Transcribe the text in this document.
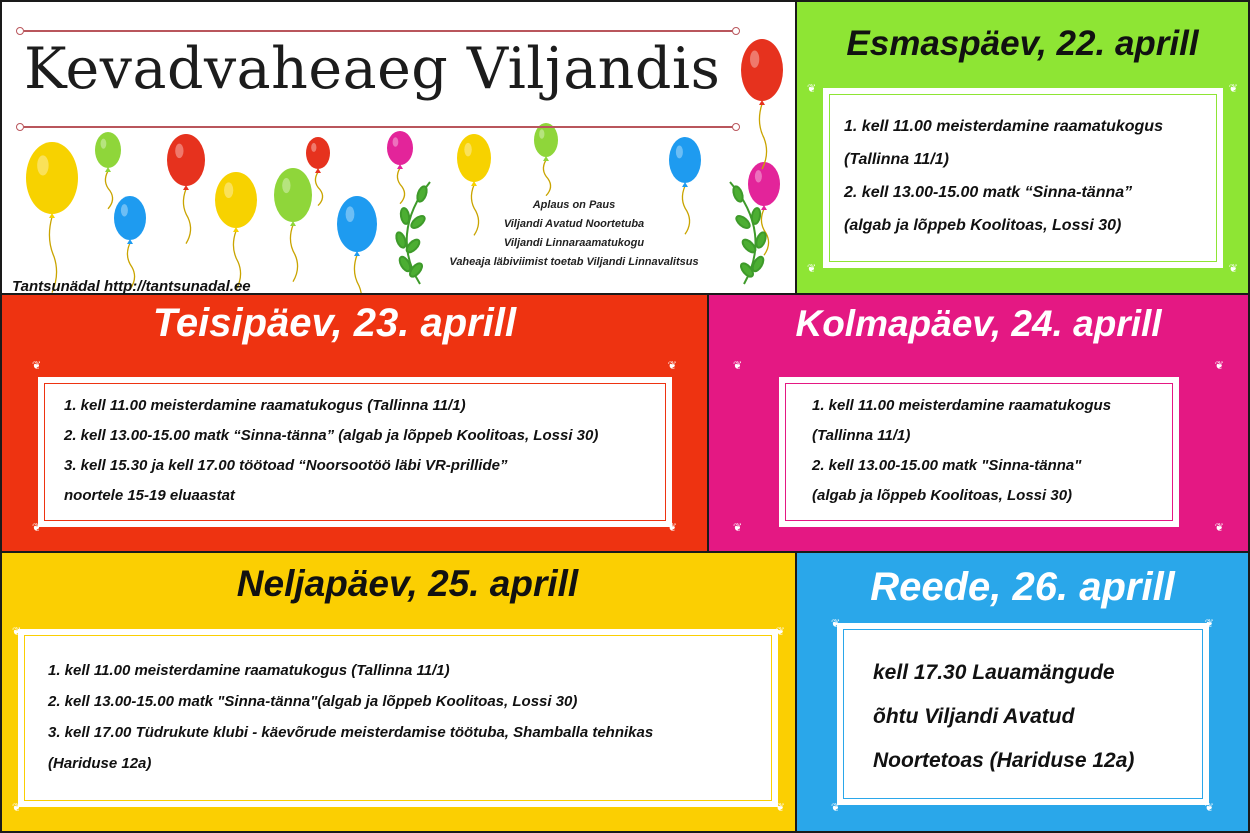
Kevadvaheaeg Viljandis
Aplaus on Paus
Viljandi Avatud Noortetuba
Viljandi Linnaraamatukogu
Vaheaja läbiviimist toetab Viljandi Linnavalitsus
Tantsunädal http://tantsunadal.ee
Esmaspäev, 22. aprill
1. kell 11.00 meisterdamine raamatukogus
(Tallinna 11/1)
2. kell 13.00-15.00 matk “Sinna-tänna”
(algab ja lõppeb Koolitoas, Lossi 30)
❦	❦
❦	❦
Teisipäev, 23. aprill
1. kell 11.00 meisterdamine raamatukogus (Tallinna 11/1)
2. kell 13.00-15.00 matk “Sinna-tänna” (algab ja lõppeb Koolitoas, Lossi 30)
3. kell 15.30 ja kell 17.00 töötoad “Noorsootöö läbi VR-prillide”
noortele 15-19 eluaastat
❦	❦
❦	❦
Kolmapäev, 24. aprill
1. kell 11.00 meisterdamine raamatukogus
(Tallinna 11/1)
2. kell 13.00-15.00 matk "Sinna-tänna"
(algab ja lõppeb Koolitoas, Lossi 30)
❦	❦
❦	❦
Neljapäev, 25. aprill
1. kell 11.00 meisterdamine raamatukogus (Tallinna 11/1)
2. kell 13.00-15.00 matk "Sinna-tänna"(algab ja lõppeb Koolitoas, Lossi 30)
3. kell 17.00 Tüdrukute klubi - käevõrude meisterdamise töötuba, Shamballa tehnikas
(Hariduse 12a)
❦	❦
❦	❦
Reede, 26. aprill
kell 17.30 Lauamängude
õhtu Viljandi Avatud
Noortetoas (Hariduse 12a)
❦	❦
❦	❦
